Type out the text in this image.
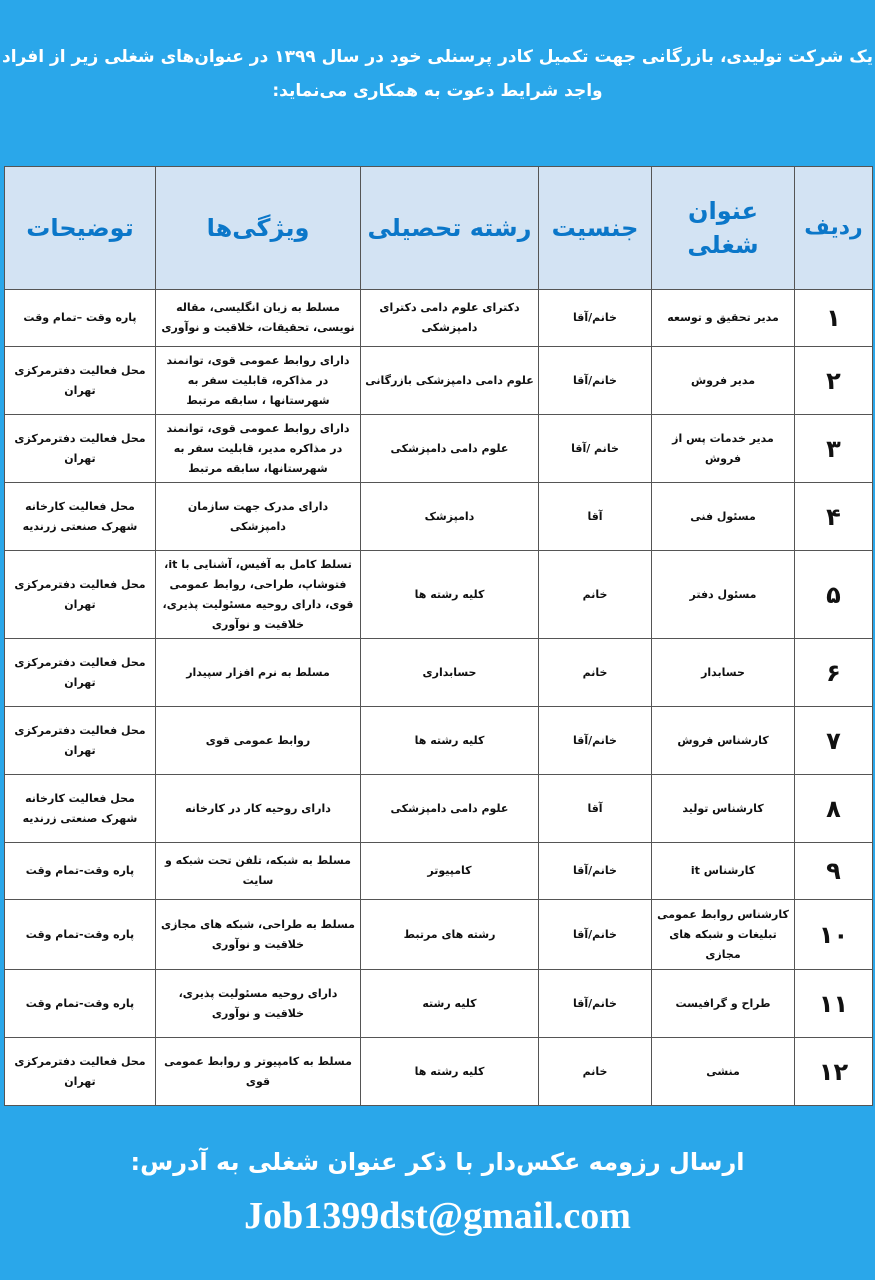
یک شرکت تولیدی، بازرگانی جهت تکمیل کادر پرسنلی خود در سال ۱۳۹۹ در عنوان‌های شغلی زیر از افراد
واجد شرایط دعوت به همکاری می‌نماید:
ردیف	عنوان شغلی	جنسیت	رشته تحصیلی	ویژگی‌ها	توضیحات
۱	مدیر تحقیق و توسعه	خانم/آقا	دکترای علوم دامی دکترای دامپزشکی	مسلط به زبان انگلیسی، مقاله نویسی، تحقیقات، خلاقیت و نوآوری	پاره وقت –تمام وقت
۲	مدیر فروش	خانم/آقا	علوم دامی دامپزشکی بازرگانی	دارای روابط عمومی قوی، توانمند در مذاکره، قابلیت سفر به شهرستانها ، سابقه مرتبط	محل فعالیت دفترمرکزی تهران
۳	مدیر خدمات پس از فروش	خانم /آقا	علوم دامی دامپزشکی	دارای روابط عمومی قوی، توانمند در مذاکره مدیر، قابلیت سفر به شهرستانها، سابقه مرتبط	محل فعالیت دفترمرکزی تهران
۴	مسئول فنی	آقا	دامپزشک	دارای مدرک جهت سازمان دامپزشکی	محل فعالیت کارخانه شهرک صنعتی زرندیه
۵	مسئول دفتر	خانم	کلیه رشته ها	تسلط کامل به آفیس، آشنایی با it، فتوشاپ، طراحی، روابط عمومی قوی، دارای روحیه مسئولیت پذیری، خلاقیت و نوآوری	محل فعالیت دفترمرکزی تهران
۶	حسابدار	خانم	حسابداری	مسلط به نرم افزار سپیدار	محل فعالیت دفترمرکزی تهران
۷	کارشناس فروش	خانم/آقا	کلیه رشته ها	روابط عمومی قوی	محل فعالیت دفترمرکزی تهران
۸	کارشناس تولید	آقا	علوم دامی دامپزشکی	دارای روحیه کار در کارخانه	محل فعالیت کارخانه شهرک صنعتی زرندیه
۹	کارشناس it	خانم/آقا	کامپیوتر	مسلط به شبکه، تلفن تحت شبکه و سایت	پاره وقت-تمام وقت
۱۰	کارشناس روابط عمومی تبلیغات و شبکه های مجازی	خانم/آقا	رشته های مرتبط	مسلط به طراحی، شبکه های مجازی خلاقیت و نوآوری	پاره وقت-تمام وقت
۱۱	طراح و گرافیست	خانم/آقا	کلیه رشته	دارای روحیه مسئولیت پذیری، خلاقیت و نوآوری	پاره وقت-تمام وقت
۱۲	منشی	خانم	کلیه رشته ها	مسلط به کامپیوتر و روابط عمومی قوی	محل فعالیت دفترمرکزی تهران
ارسال رزومه عکس‌دار با ذکر عنوان شغلی به آدرس:
Job1399dst@gmail.com
